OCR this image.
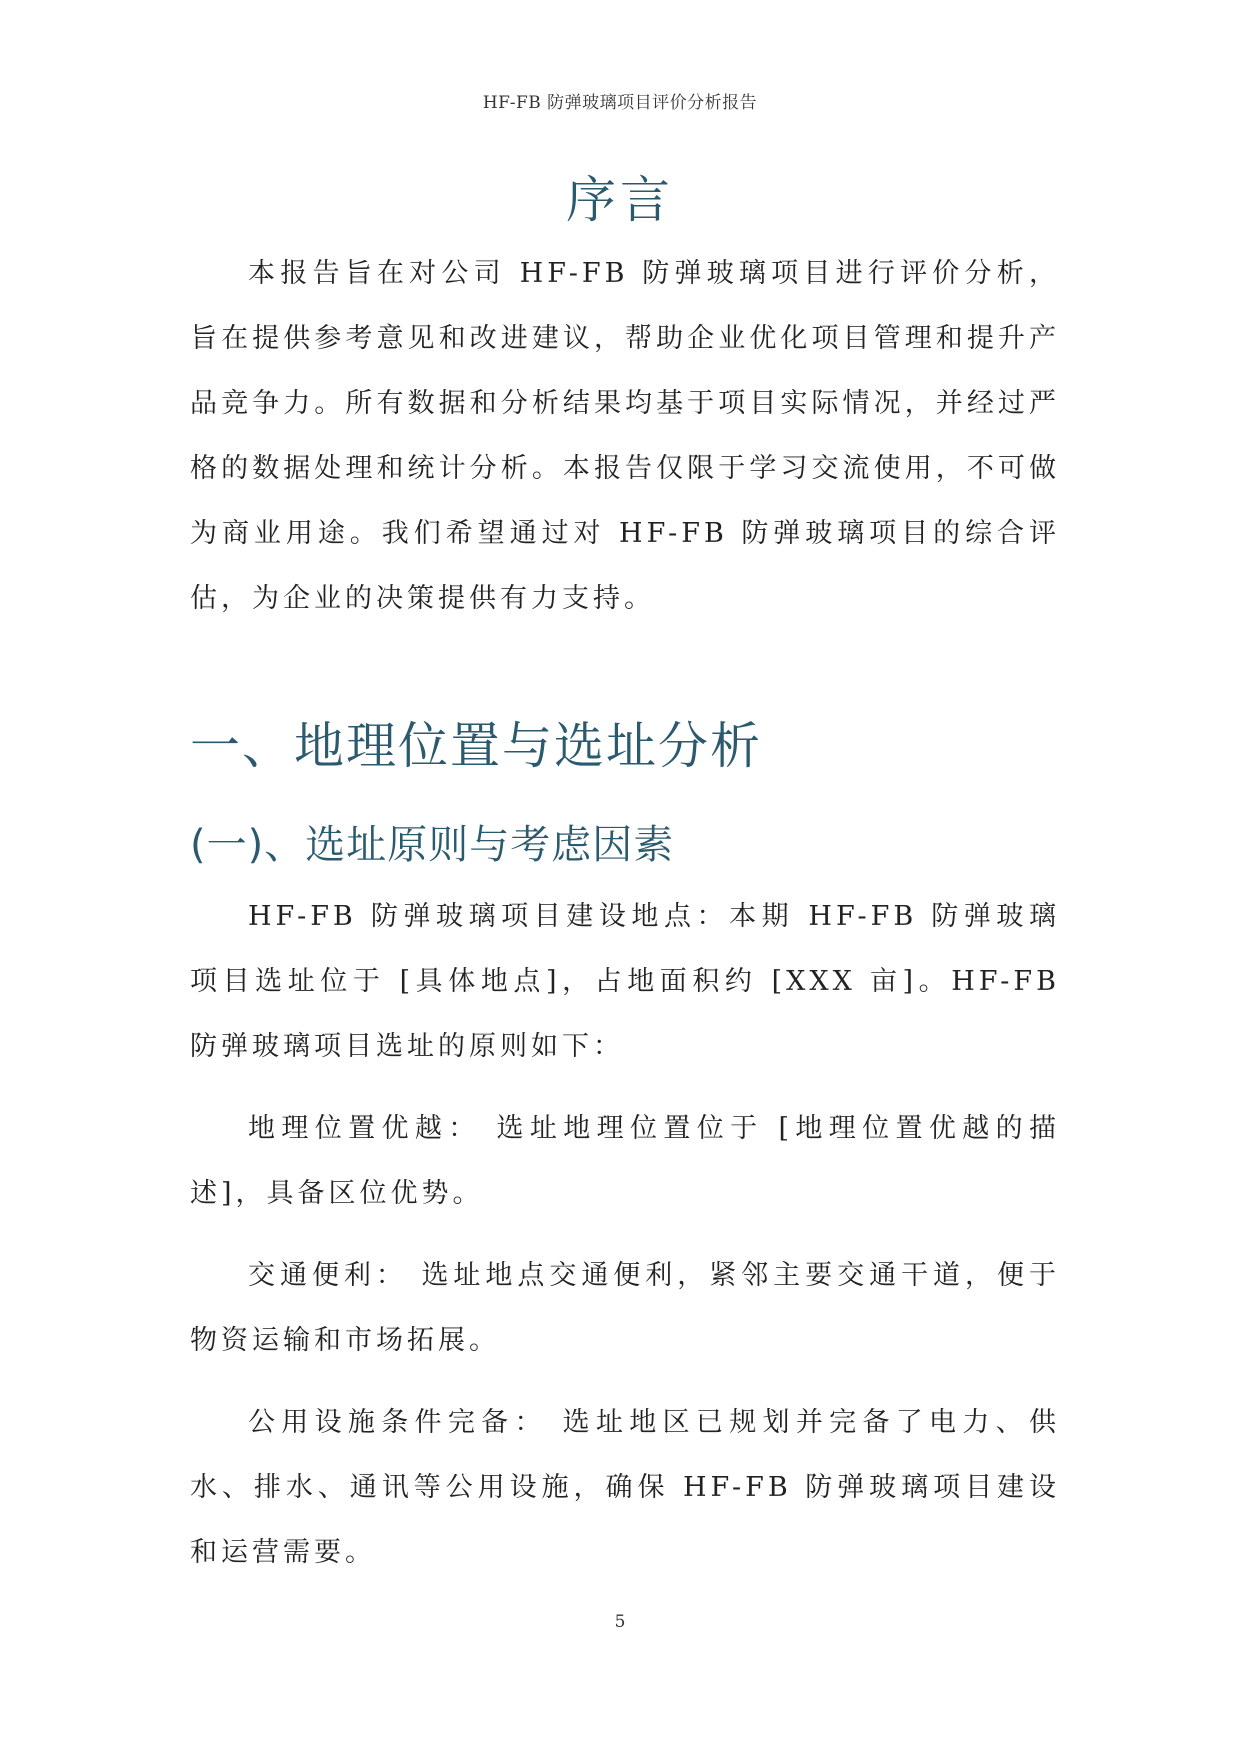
HF-FB 防弹玻璃项目评价分析报告
序言

本报告旨在对公司 HF-FB 防弹玻璃项目进行评价分析，旨在提供参考意见和改进建议，帮助企业优化项目管理和提升产品竞争力。所有数据和分析结果均基于项目实际情况，并经过严格的数据处理和统计分析。本报告仅限于学习交流使用，不可做为商业用途。我们希望通过对 HF-FB 防弹玻璃项目的综合评估，为企业的决策提供有力支持。

一、地理位置与选址分析
(一)、选址原则与考虑因素

HF-FB 防弹玻璃项目建设地点：本期 HF-FB 防弹玻璃项目选址位于 [具体地点]，占地面积约 [XXX 亩]。HF-FB 防弹玻璃项目选址的原则如下：

地理位置优越： 选址地理位置位于 [地理位置优越的描述]，具备区位优势。

交通便利： 选址地点交通便利，紧邻主要交通干道，便于物资运输和市场拓展。

公用设施条件完备： 选址地区已规划并完备了电力、供水、排水、通讯等公用设施，确保 HF-FB 防弹玻璃项目建设和运营需要。

5
